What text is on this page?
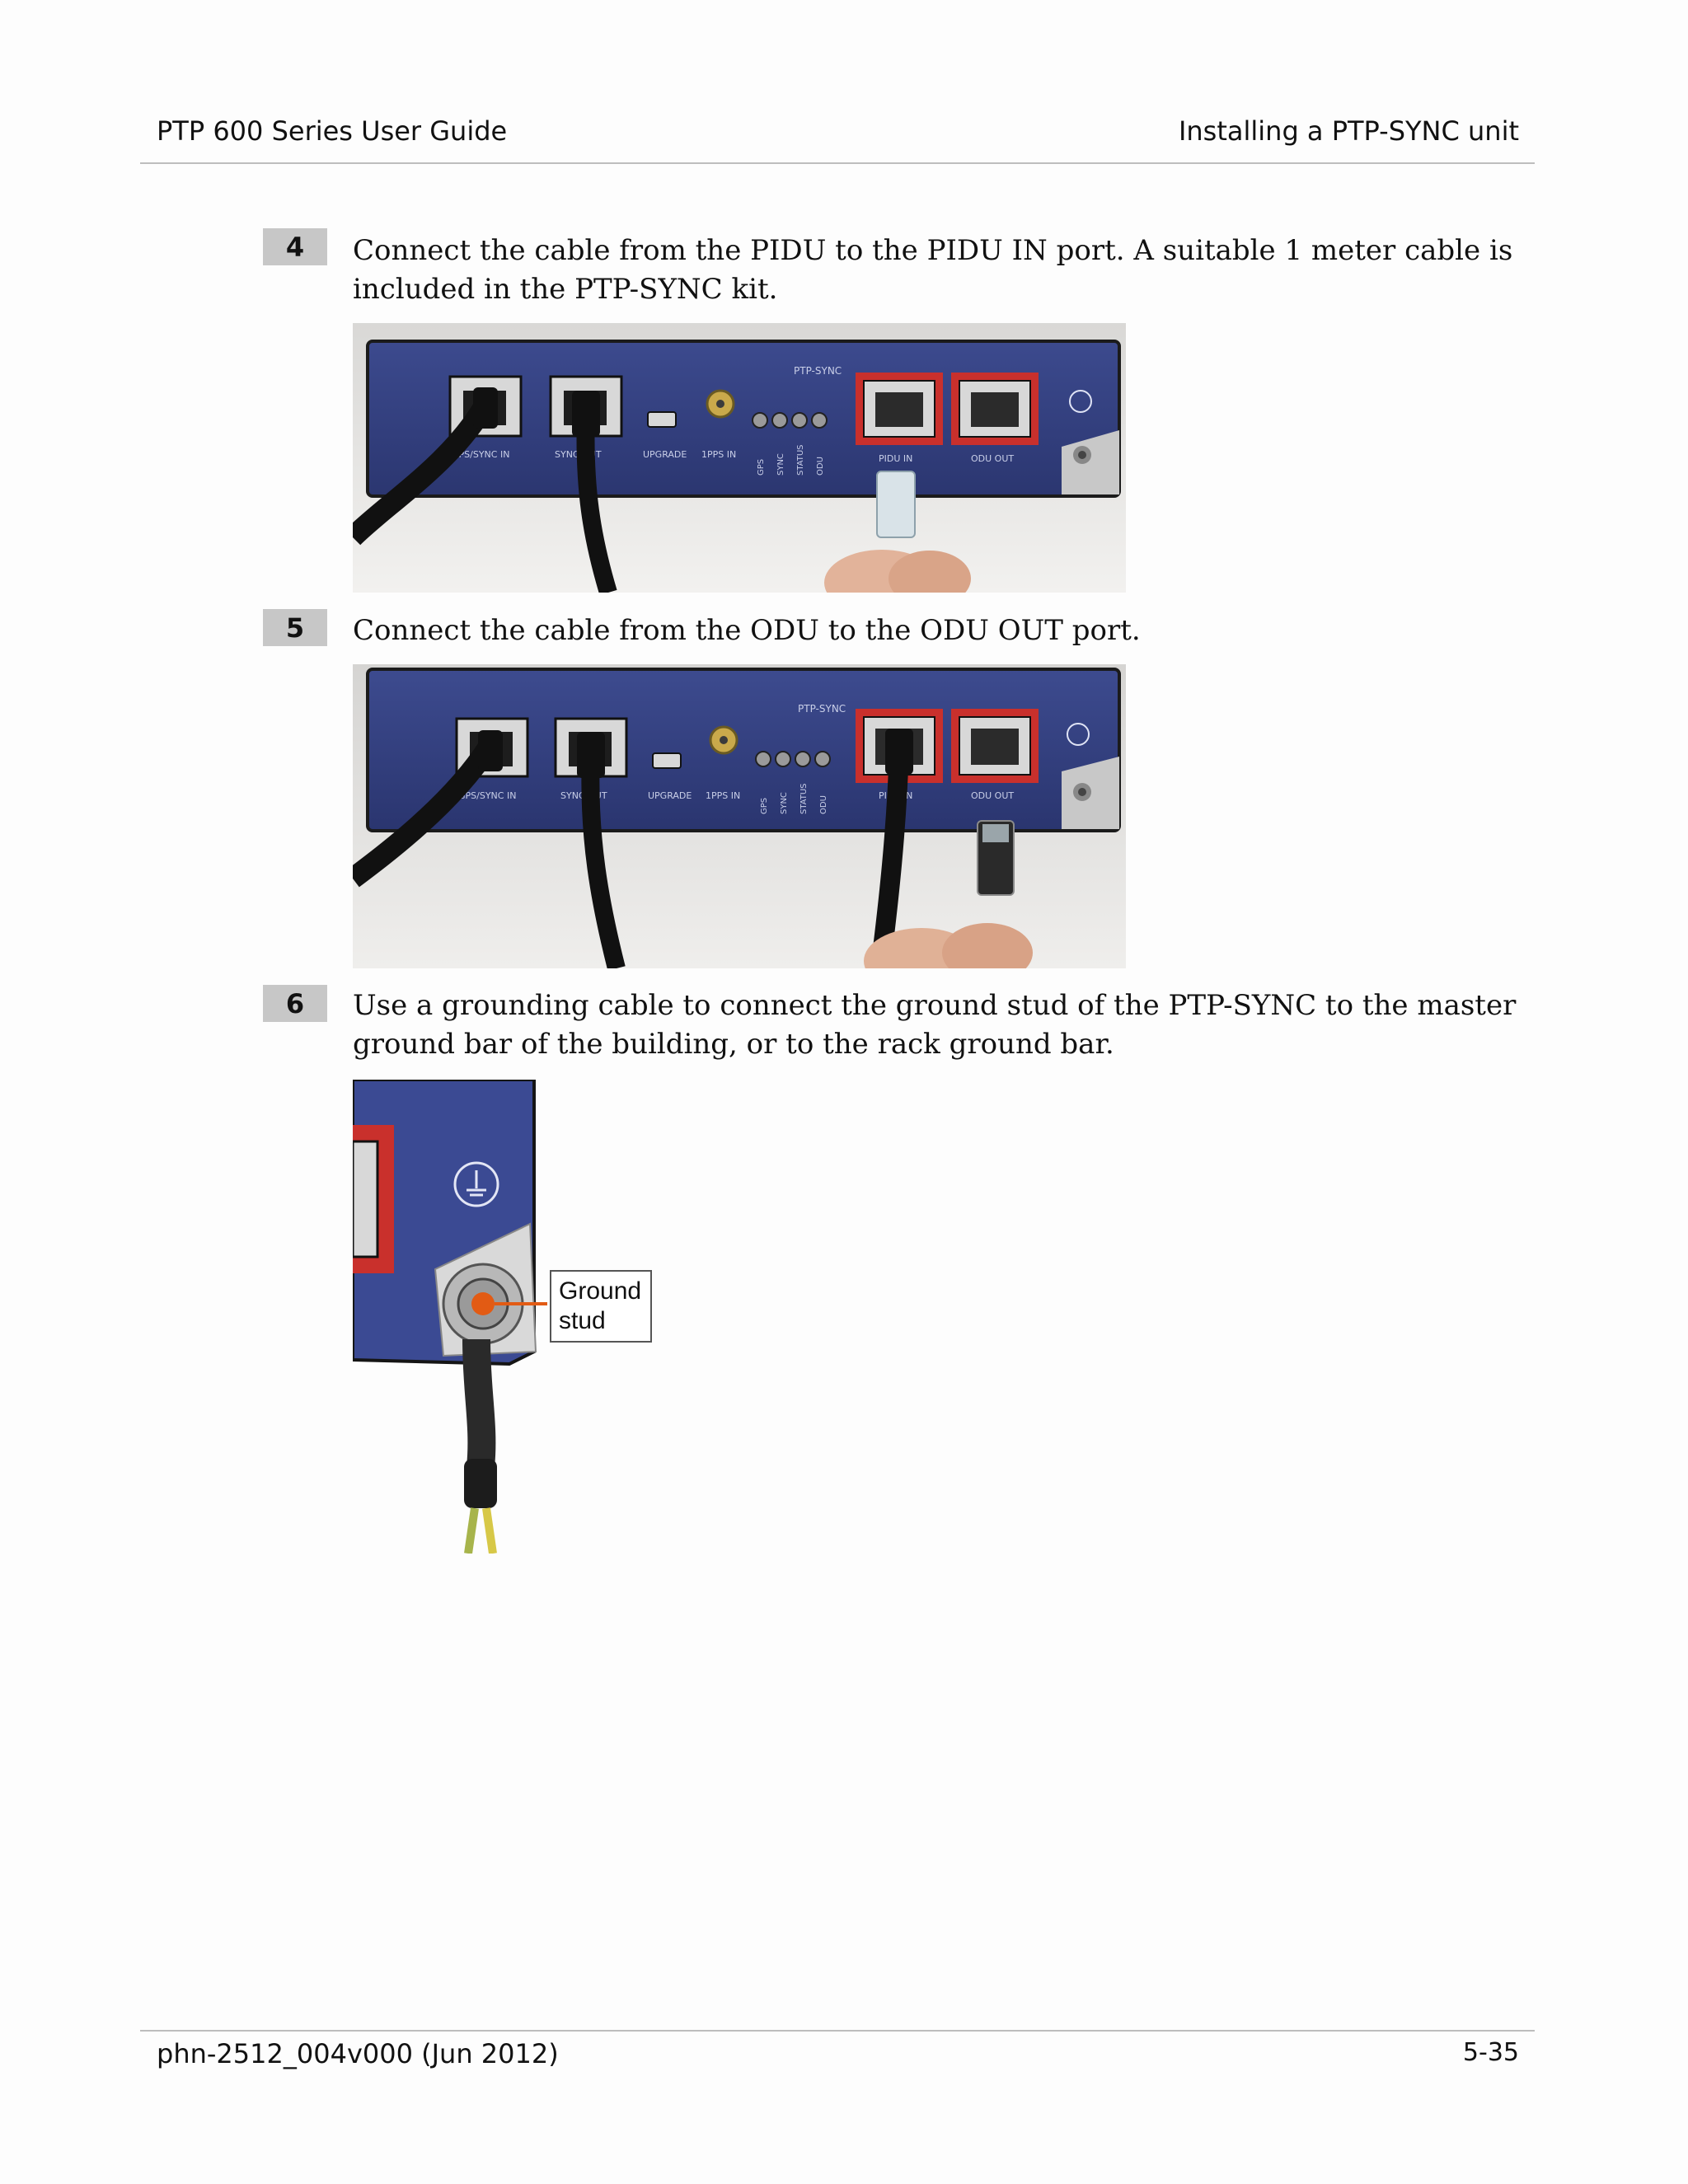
PTP 600 Series User Guide	Installing a PTP-SYNC unit
4	Connect the cable from the PIDU to the PIDU IN port. A suitable 1 meter cable is included in the PTP-SYNC kit.
PTP-SYNC
GPS/SYNC IN	SYNC OUT	UPGRADE 1PPS IN
GPS SYNC STATUS ODU	PIDU IN	ODU OUT
5	Connect the cable from the ODU to the ODU OUT port.
PTP-SYNC
GPS/SYNC IN	SYNC OUT	UPGRADE 1PPS IN
GPS SYNC STATUS ODU	PIDU IN	ODU OUT
6	Use a grounding cable to connect the ground stud of the PTP-SYNC to the master ground bar of the building, or to the rack ground bar.
Ground
stud
phn-2512_004v000 (Jun 2012)	5-35
